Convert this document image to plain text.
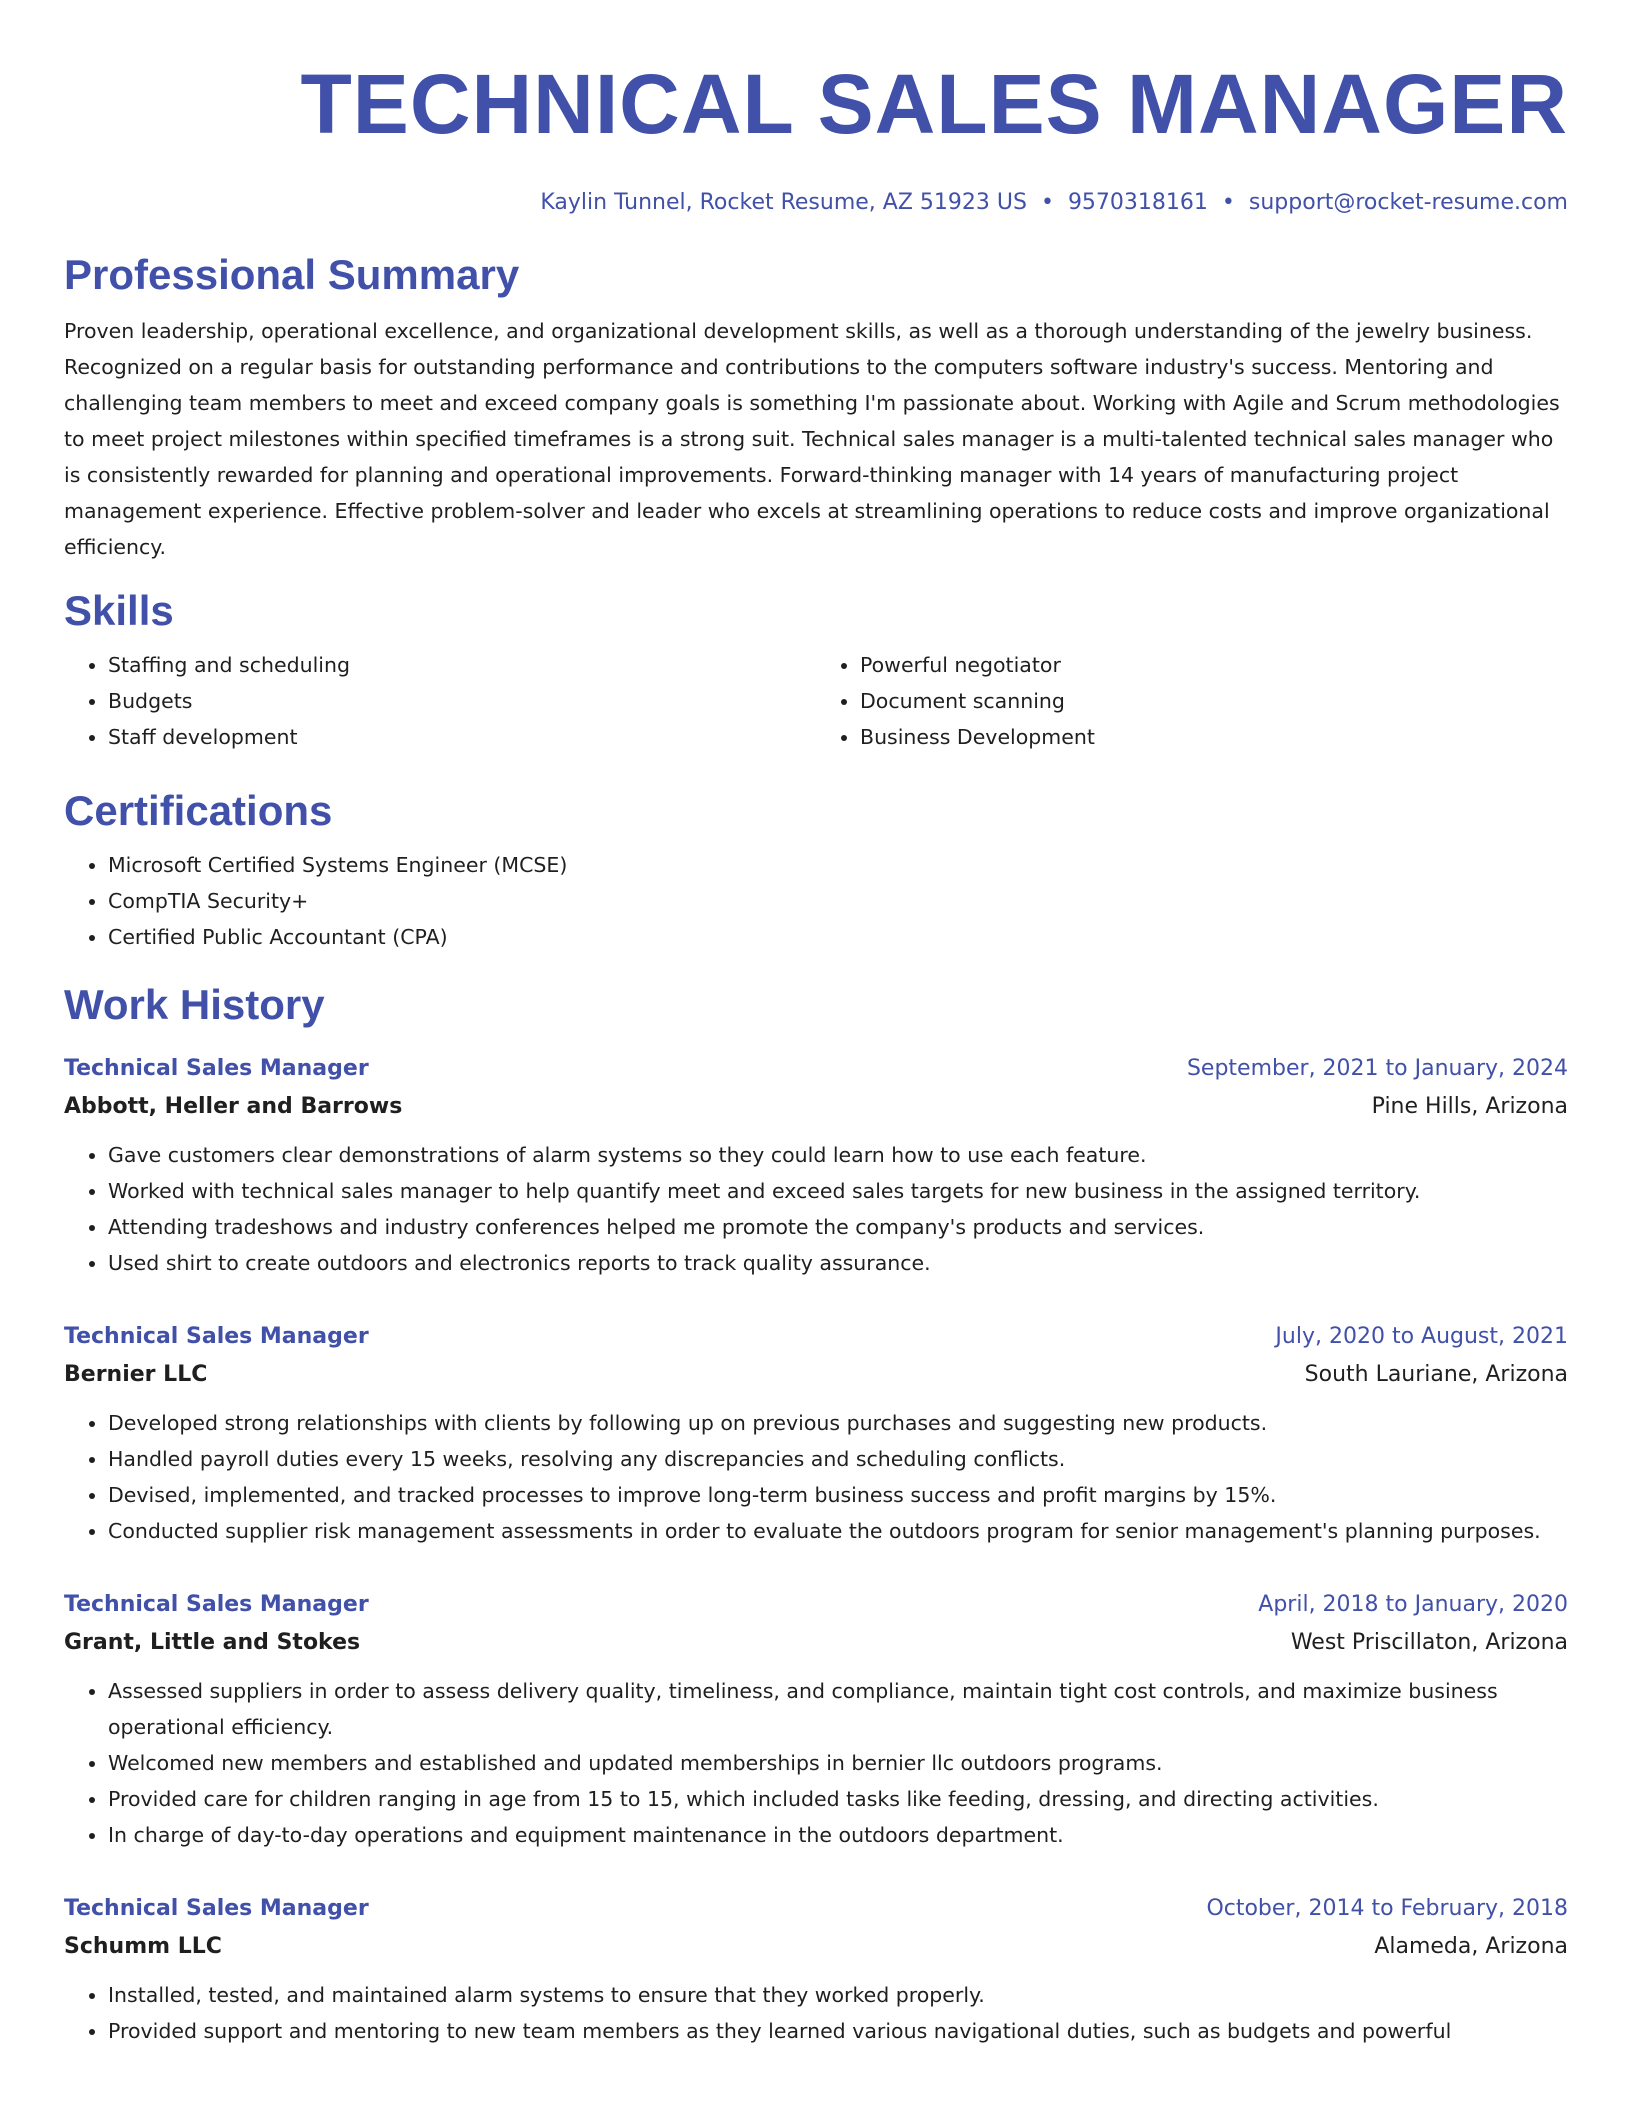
TECHNICAL SALES MANAGER
Kaylin Tunnel, Rocket Resume, AZ 51923 US • 9570318161 • support@rocket-resume.com
Professional Summary
Proven leadership, operational excellence, and organizational development skills, as well as a thorough understanding of the jewelry business. Recognized on a regular basis for outstanding performance and contributions to the computers software industry's success. Mentoring and challenging team members to meet and exceed company goals is something I'm passionate about. Working with Agile and Scrum methodologies to meet project milestones within specified timeframes is a strong suit. Technical sales manager is a multi-talented technical sales manager who is consistently rewarded for planning and operational improvements. Forward-thinking manager with 14 years of manufacturing project management experience. Effective problem-solver and leader who excels at streamlining operations to reduce costs and improve organizational efficiency.
Skills
• Staffing and scheduling
• Budgets
• Staff development
• Powerful negotiator
• Document scanning
• Business Development
Certifications
• Microsoft Certified Systems Engineer (MCSE)
• CompTIA Security+
• Certified Public Accountant (CPA)
Work History
Technical Sales Manager	September, 2021 to January, 2024
Abbott, Heller and Barrows	Pine Hills, Arizona
• Gave customers clear demonstrations of alarm systems so they could learn how to use each feature.
• Worked with technical sales manager to help quantify meet and exceed sales targets for new business in the assigned territory.
• Attending tradeshows and industry conferences helped me promote the company's products and services.
• Used shirt to create outdoors and electronics reports to track quality assurance.
Technical Sales Manager	July, 2020 to August, 2021
Bernier LLC	South Lauriane, Arizona
• Developed strong relationships with clients by following up on previous purchases and suggesting new products.
• Handled payroll duties every 15 weeks, resolving any discrepancies and scheduling conflicts.
• Devised, implemented, and tracked processes to improve long-term business success and profit margins by 15%.
• Conducted supplier risk management assessments in order to evaluate the outdoors program for senior management's planning purposes.
Technical Sales Manager	April, 2018 to January, 2020
Grant, Little and Stokes	West Priscillaton, Arizona
• Assessed suppliers in order to assess delivery quality, timeliness, and compliance, maintain tight cost controls, and maximize business operational efficiency.
• Welcomed new members and established and updated memberships in bernier llc outdoors programs.
• Provided care for children ranging in age from 15 to 15, which included tasks like feeding, dressing, and directing activities.
• In charge of day-to-day operations and equipment maintenance in the outdoors department.
Technical Sales Manager	October, 2014 to February, 2018
Schumm LLC	Alameda, Arizona
• Installed, tested, and maintained alarm systems to ensure that they worked properly.
• Provided support and mentoring to new team members as they learned various navigational duties, such as budgets and powerful
